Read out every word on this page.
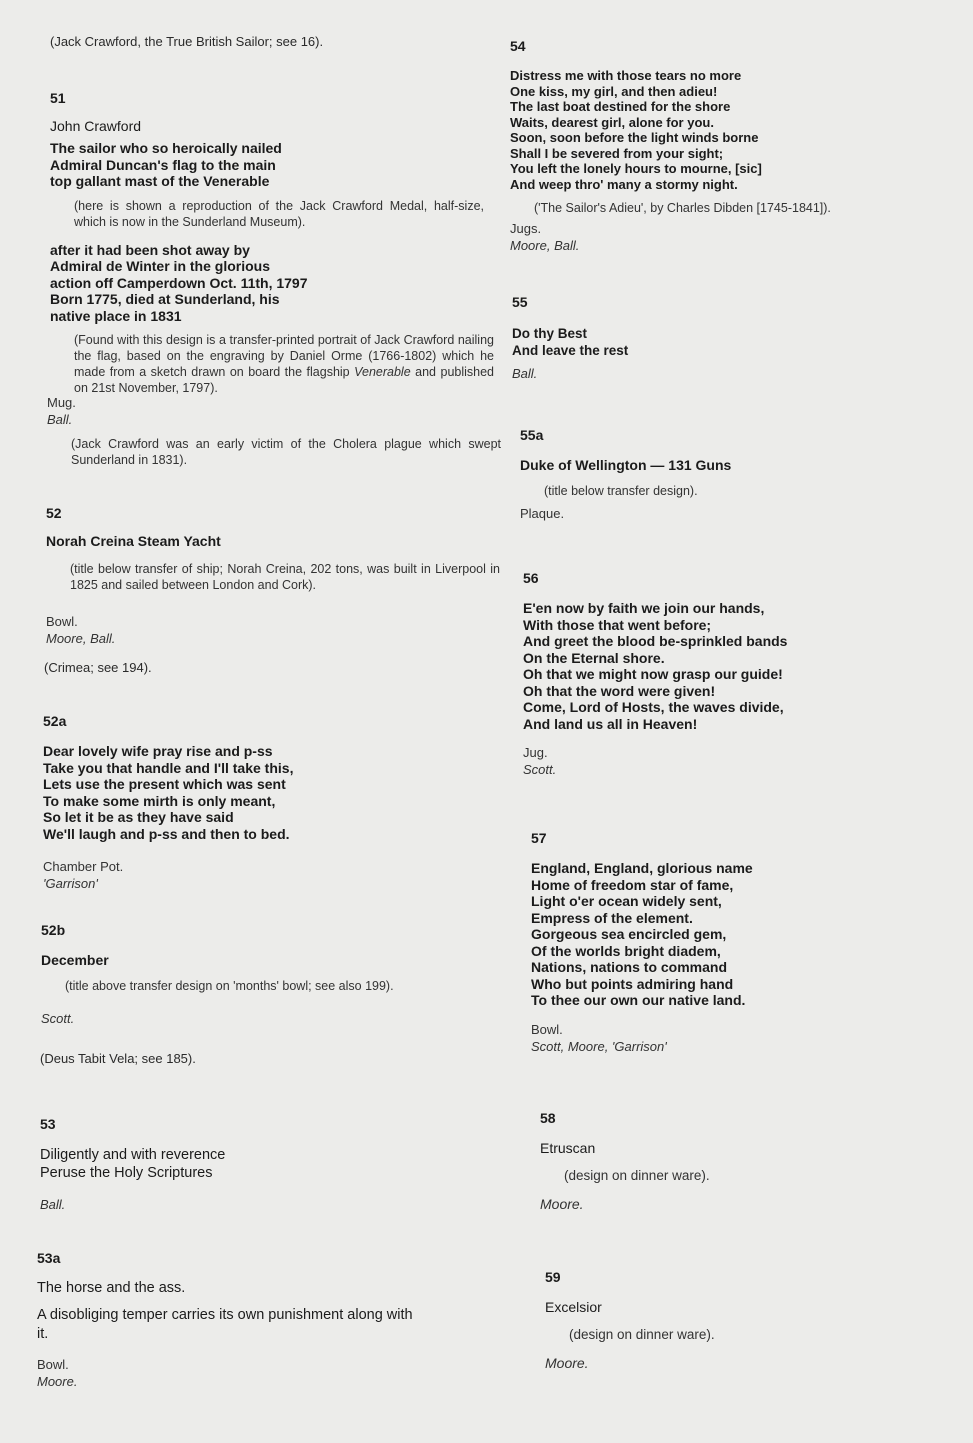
(Jack Crawford, the True British Sailor; see 16).
51
John Crawford
The sailor who so heroically nailed
Admiral Duncan's flag to the main
top gallant mast of the Venerable
(here is shown a reproduction of the Jack Crawford Medal, half-size, which is now in the Sunderland Museum).
after it had been shot away by
Admiral de Winter in the glorious
action off Camperdown Oct. 11th, 1797
Born 1775, died at Sunderland, his
native place in 1831
(Found with this design is a transfer-printed portrait of Jack Crawford nailing the flag, based on the engraving by Daniel Orme (1766-1802) which he made from a sketch drawn on board the flagship Venerable and published on 21st November, 1797).
Mug.
Ball.
(Jack Crawford was an early victim of the Cholera plague which swept Sunderland in 1831).
52
Norah Creina Steam Yacht
(title below transfer of ship; Norah Creina, 202 tons, was built in Liverpool in 1825 and sailed between London and Cork).
Bowl.
Moore, Ball.
(Crimea; see 194).
52a
Dear lovely wife pray rise and p-ss
Take you that handle and I'll take this,
Lets use the present which was sent
To make some mirth is only meant,
So let it be as they have said
We'll laugh and p-ss and then to bed.
Chamber Pot.
'Garrison'
52b
December
(title above transfer design on 'months' bowl; see also 199).
Scott.
(Deus Tabit Vela; see 185).
53
Diligently and with reverence
Peruse the Holy Scriptures
Ball.
53a
The horse and the ass.
A disobliging temper carries its own punishment along with it.
Bowl.
Moore.
54
Distress me with those tears no more
One kiss, my girl, and then adieu!
The last boat destined for the shore
Waits, dearest girl, alone for you.
Soon, soon before the light winds borne
Shall I be severed from your sight;
You left the lonely hours to mourne, [sic]
And weep thro' many a stormy night.
('The Sailor's Adieu', by Charles Dibden [1745-1841]).
Jugs.
Moore, Ball.
55
Do thy Best
And leave the rest
Ball.
55a
Duke of Wellington — 131 Guns
(title below transfer design).
Plaque.
56
E'en now by faith we join our hands,
With those that went before;
And greet the blood be-sprinkled bands
On the Eternal shore.
Oh that we might now grasp our guide!
Oh that the word were given!
Come, Lord of Hosts, the waves divide,
And land us all in Heaven!
Jug.
Scott.
57
England, England, glorious name
Home of freedom star of fame,
Light o'er ocean widely sent,
Empress of the element.
Gorgeous sea encircled gem,
Of the worlds bright diadem,
Nations, nations to command
Who but points admiring hand
To thee our own our native land.
Bowl.
Scott, Moore, 'Garrison'
58
Etruscan
(design on dinner ware).
Moore.
59
Excelsior
(design on dinner ware).
Moore.
